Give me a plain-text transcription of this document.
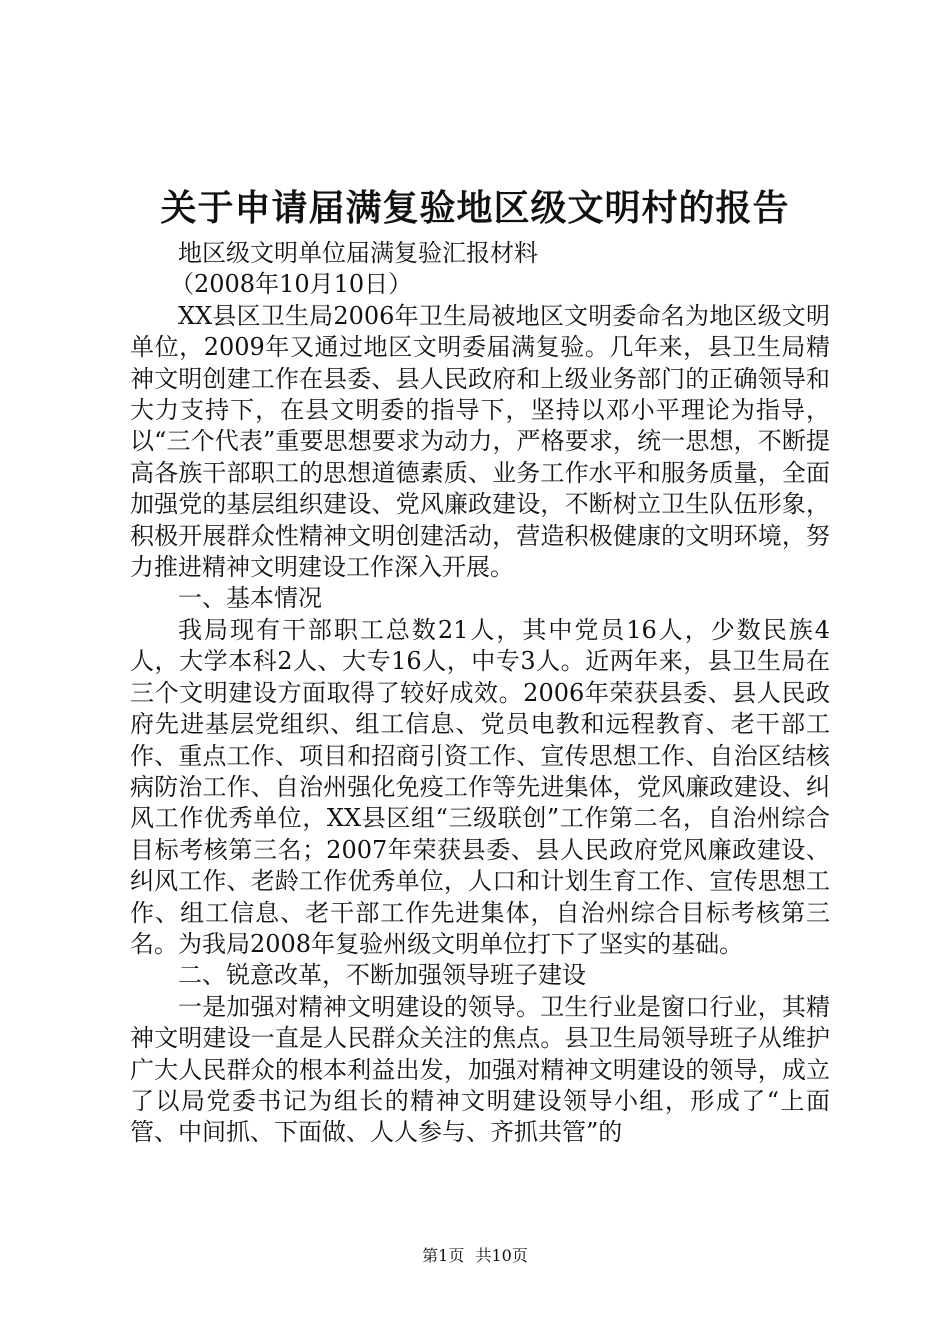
关于申请届满复验地区级文明村的报告

地区级文明单位届满复验汇报材料

（2008年10月10日）

XX县区卫生局2006年卫生局被地区文明委命名为地区级文明单位，2009年又通过地区文明委届满复验。几年来，县卫生局精神文明创建工作在县委、县人民政府和上级业务部门的正确领导和大力支持下，在县文明委的指导下，坚持以邓小平理论为指导，以“三个代表”重要思想要求为动力，严格要求，统一思想，不断提高各族干部职工的思想道德素质、业务工作水平和服务质量，全面加强党的基层组织建设、党风廉政建设，不断树立卫生队伍形象，积极开展群众性精神文明创建活动，营造积极健康的文明环境，努力推进精神文明建设工作深入开展。

一、基本情况

我局现有干部职工总数21人，其中党员16人，少数民族4人，大学本科2人、大专16人，中专3人。近两年来，县卫生局在三个文明建设方面取得了较好成效。2006年荣获县委、县人民政府先进基层党组织、组工信息、党员电教和远程教育、老干部工作、重点工作、项目和招商引资工作、宣传思想工作、自治区结核病防治工作、自治州强化免疫工作等先进集体，党风廉政建设、纠风工作优秀单位，XX县区组“三级联创”工作第二名，自治州综合目标考核第三名；2007年荣获县委、县人民政府党风廉政建设、纠风工作、老龄工作优秀单位，人口和计划生育工作、宣传思想工作、组工信息、老干部工作先进集体，自治州综合目标考核第三名。为我局2008年复验州级文明单位打下了坚实的基础。

二、锐意改革，不断加强领导班子建设

一是加强对精神文明建设的领导。卫生行业是窗口行业，其精神文明建设一直是人民群众关注的焦点。县卫生局领导班子从维护广大人民群众的根本利益出发，加强对精神文明建设的领导，成立了以局党委书记为组长的精神文明建设领导小组，形成了“上面管、中间抓、下面做、人人参与、齐抓共管”的

第1页 共10页
